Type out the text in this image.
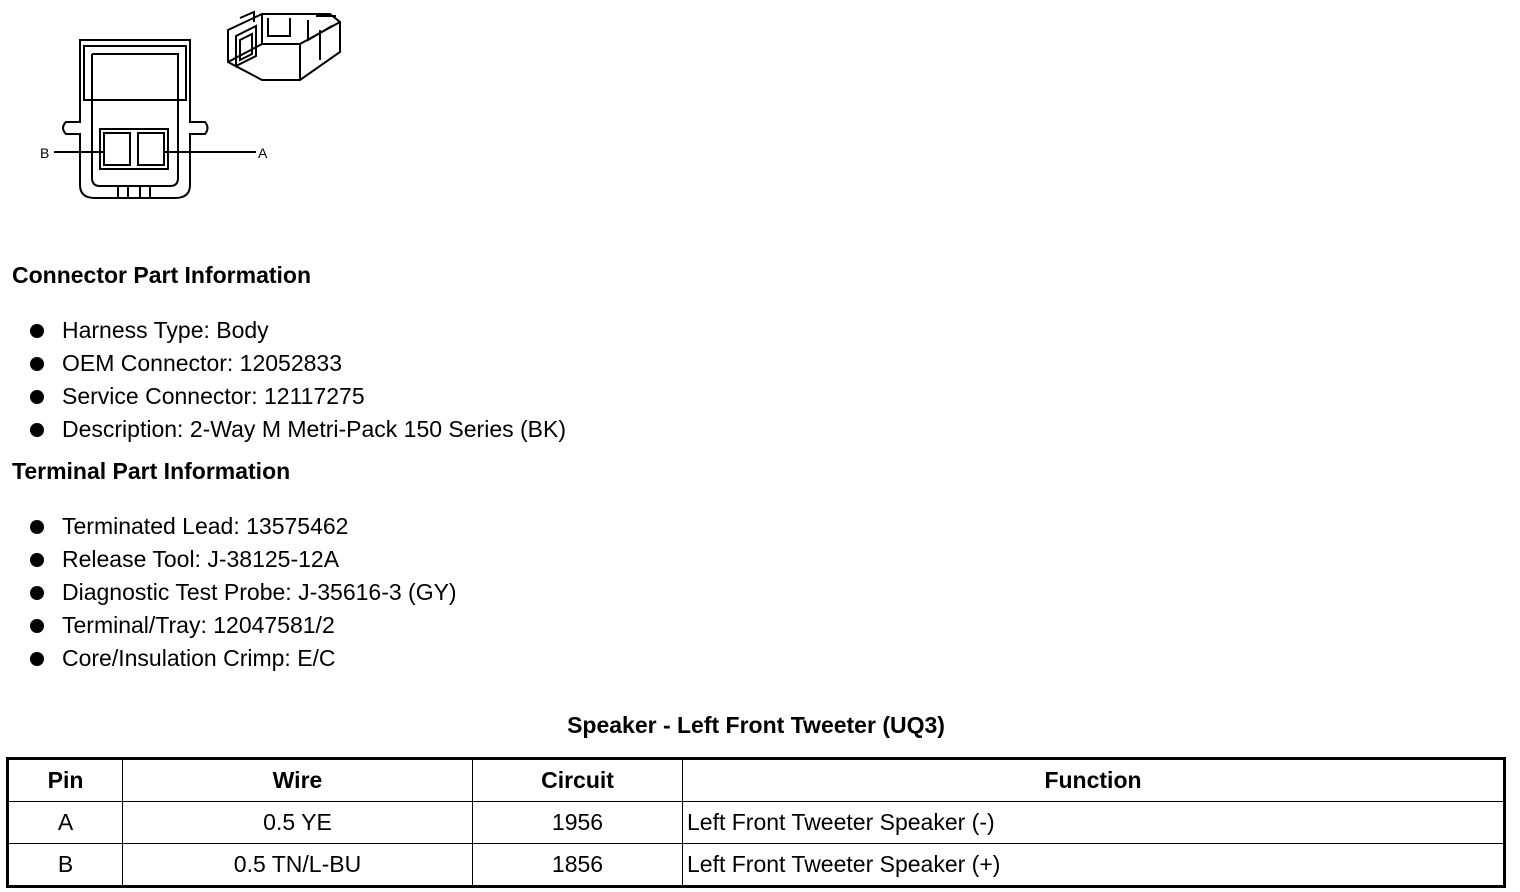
B	A
Connector Part Information
Harness Type: Body
OEM Connector: 12052833
Service Connector: 12117275
Description: 2-Way M Metri-Pack 150 Series (BK)
Terminal Part Information
Terminated Lead: 13575462
Release Tool: J-38125-12A
Diagnostic Test Probe: J-35616-3 (GY)
Terminal/Tray: 12047581/2
Core/Insulation Crimp: E/C
Speaker - Left Front Tweeter (UQ3)
Pin	Wire	Circuit	Function
A	0.5 YE	1956	Left Front Tweeter Speaker (-)
B	0.5 TN/L-BU	1856	Left Front Tweeter Speaker (+)
